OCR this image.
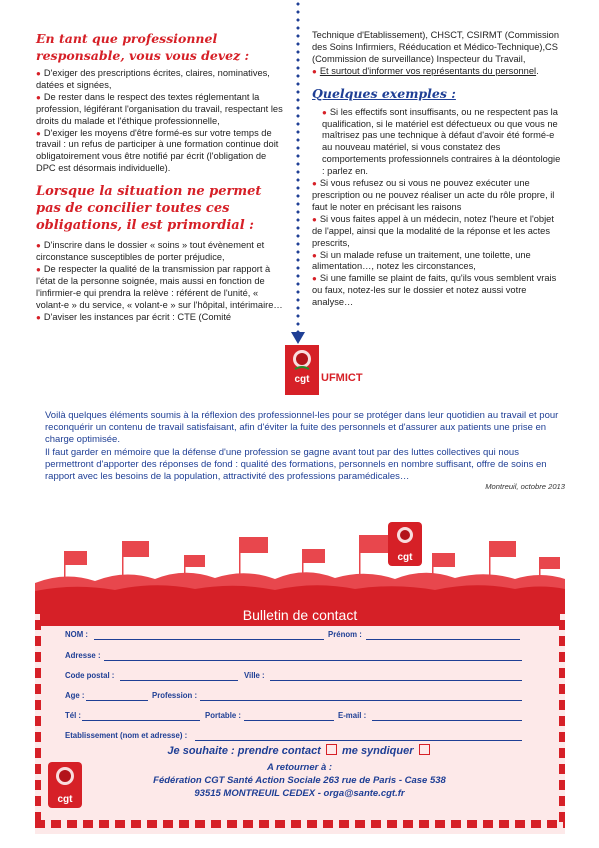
En tant que professionnel responsable, vous vous devez :

● D'exiger des prescriptions écrites, claires, nominatives, datées et signées,

● De rester dans le respect des textes réglementant la profession, légiférant l'organisation du travail, respectant les droits du malade et l'éthique professionnelle,

● D'exiger les moyens d'être formé-es sur votre temps de travail : un refus de participer à une formation continue doit obligatoirement vous être notifié par écrit (l'obligation de DPC est désormais individuelle).

Lorsque la situation ne permet pas de concilier toutes ces obligations, il est primordial :

● D'inscrire dans le dossier « soins » tout évènement et circonstance susceptibles de porter préjudice,

● De respecter la qualité de la transmission par rapport à l'état de la personne soignée, mais aussi en fonction de l'infirmier-e qui prendra la relève : référent de l'unité, « volant-e » du service, « volant-e » sur l'hôpital, intérimaire…

● D'aviser les instances par écrit : CTE (Comité

Technique d'Etablissement), CHSCT, CSIRMT (Commission des Soins Infirmiers, Rééducation et Médico-Technique),CS (Commission de surveillance) Inspecteur du Travail,

● Et surtout d'informer vos représentants du personnel.

Quelques exemples :

● Si les effectifs sont insuffisants, ou ne respectent pas la qualification, si le matériel est défectueux ou que vous ne maîtrisez pas une technique à défaut d'avoir été formé-e au nouveau matériel, si vous constatez des comportements professionnels contraires à la déontologie : parlez en.

● Si vous refusez ou si vous ne pouvez exécuter une prescription ou ne pouvez réaliser un acte du rôle propre, il faut le noter en précisant les raisons

● Si vous faites appel à un médecin, notez l'heure et l'objet de l'appel, ainsi que la modalité de la réponse et les actes prescrits,

● Si un malade refuse un traitement, une toilette, une alimentation…, notez les circonstances,

● Si une famille se plaint de faits, qu'ils vous semblent vrais ou faux, notez-les sur le dossier et notez aussi votre analyse…

cgt	UFMICT

Voilà quelques éléments soumis à la réflexion des professionnel-les pour se protéger dans leur quotidien au travail et pour reconquérir un contenu de travail satisfaisant, afin d'éviter la fuite des personnels et d'assurer aux patients une prise en charge optimisée.

Il faut garder en mémoire que la défense d'une profession se gagne avant tout par des luttes collectives qui nous permettront d'apporter des réponses de fond : qualité des formations, personnels en nombre suffisant, offre de soins en rapport avec les besoins de la population, attractivité des professions paramédicales…

Montreuil, octobre 2013
cgt
Bulletin de contact
NOM :	Prénom :
Adresse :
Code postal :	Ville :
Age :	Profession :
Tél :	Portable :	E-mail :
Etablissement (nom et adresse) :
Je souhaite : prendre contact me syndiquer
A retourner à :
Fédération CGT Santé Action Sociale 263 rue de Paris - Case 538
93515 MONTREUIL CEDEX - orga@sante.cgt.fr
cgt
